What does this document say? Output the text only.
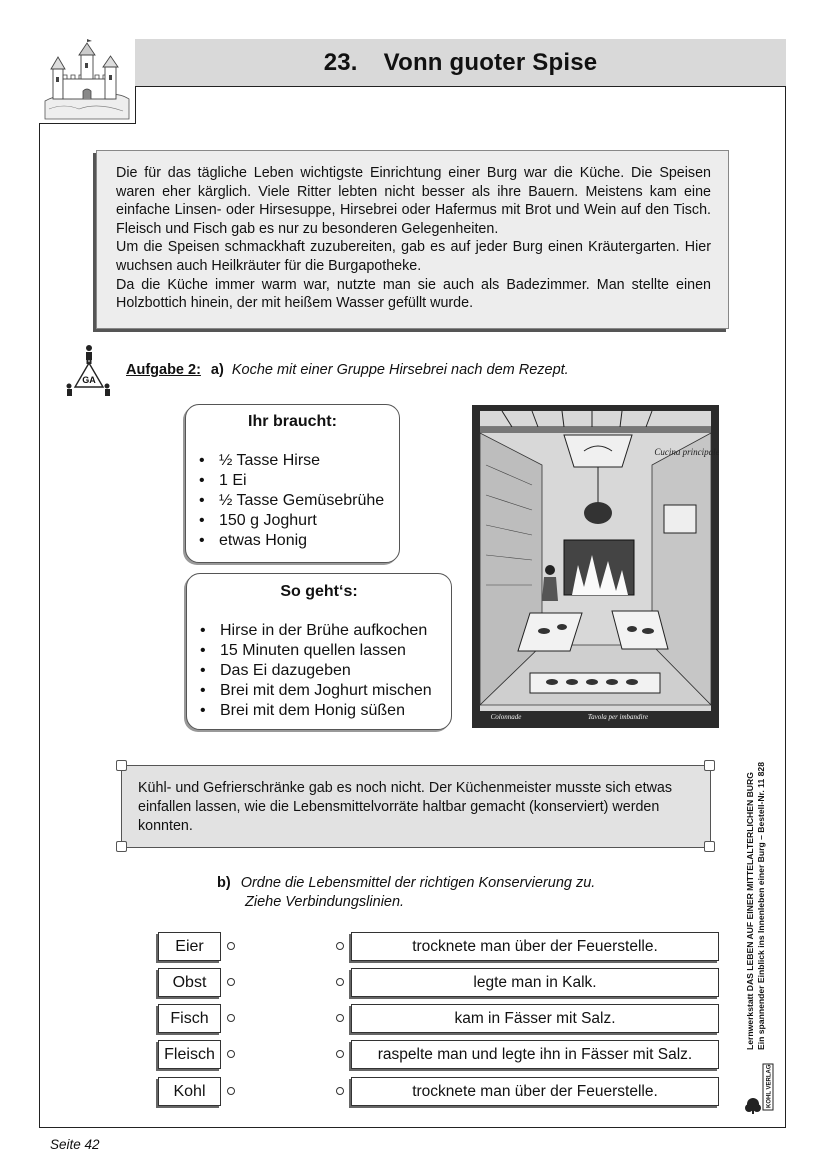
23. Vonn guoter Spise

Die für das tägliche Leben wichtigste Einrichtung einer Burg war die Küche. Die Speisen waren eher kärglich. Viele Ritter lebten nicht besser als ihre Bauern. Meistens kam eine einfache Linsen- oder Hirsesuppe, Hirsebrei oder Hafermus mit Brot und Wein auf den Tisch. Fleisch und Fisch gab es nur zu besonderen Gelegenheiten.

Um die Speisen schmackhaft zuzubereiten, gab es auf jeder Burg einen Kräutergarten. Hier wuchsen auch Heilkräuter für die Burgapotheke.

Da die Küche immer warm war, nutzte man sie auch als Badezimmer. Man stellte einen Holzbottich hinein, der mit heißem Wasser gefüllt wurde.

GA
Aufgabe 2: a) Koche mit einer Gruppe Hirsebrei nach dem Rezept.
Ihr braucht:
• ½ Tasse Hirse
• 1 Ei
• ½ Tasse Gemüsebrühe
• 150 g Joghurt
• etwas Honig
So geht‘s:
• Hirse in der Brühe aufkochen
• 15 Minuten quellen lassen
• Das Ei dazugeben
• Brei mit dem Joghurt mischen
• Brei mit dem Honig süßen
Cucina principale
Colonnade	Tavola per imbandire

Kühl- und Gefrierschränke gab es noch nicht. Der Küchenmeister musste sich etwas einfallen lassen, wie die Lebensmittelvorräte haltbar gemacht (konserviert) werden konnten.

b) Ordne die Lebensmittel der richtigen Konservierung zu.
Ziehe Verbindungslinien.
Eier
Obst
Fisch
Fleisch
Kohl
trocknete man über der Feuerstelle.
legte man in Kalk.
kam in Fässer mit Salz.
raspelte man und legte ihn in Fässer mit Salz.
trocknete man über der Feuerstelle.
Lernwerkstatt DAS LEBEN AUF EINER MITTELALTERLICHEN BURG Ein spannender Einblick ins Innenleben einer Burg – Bestell-Nr. 11 828
KOHL VERLAG
Seite 42
